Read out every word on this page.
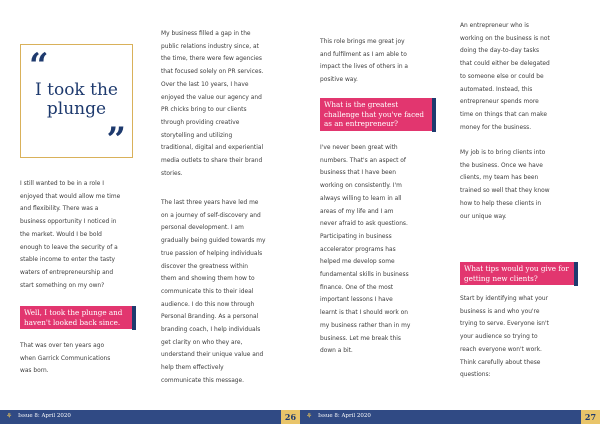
“
I took the
plunge
”

I still wanted to be in a role I

enjoyed that would allow me time

and flexibility. There was a

business opportunity I noticed in

the market. Would I be bold

enough to leave the security of a

stable income to enter the tasty

waters of entrepreneurship and

start something on my own?

Well, I took the plunge and

haven't looked back since.

That was over ten years ago

when Garrick Communications

was born.

My business filled a gap in the

public relations industry since, at

the time, there were few agencies

that focused solely on PR services.

Over the last 10 years, I have

enjoyed the value our agency and

PR chicks bring to our clients

through providing creative

storytelling and utilizing

traditional, digital and experiential

media outlets to share their brand

stories.

The last three years have led me

on a journey of self-discovery and

personal development. I am

gradually being guided towards my

true passion of helping individuals

discover the greatness within

them and showing them how to

communicate this to their ideal

audience. I do this now through

Personal Branding. As a personal

branding coach, I help individuals

get clarity on who they are,

understand their unique value and

help them effectively

communicate this message.

This role brings me great joy

and fulfilment as I am able to

impact the lives of others in a

positive way.

What is the greatest

challenge that you've faced

as an entrepreneur?

I've never been great with

numbers. That's an aspect of

business that I have been

working on consistently. I'm

always willing to learn in all

areas of my life and I am

never afraid to ask questions.

Participating in business

accelerator programs has

helped me develop some

fundamental skills in business

finance. One of the most

important lessons I have

learnt is that I should work on

my business rather than in my

business. Let me break this

down a bit.

An entrepreneur who is

working on the business is not

doing the day-to-day tasks

that could either be delegated

to someone else or could be

automated. Instead, this

entrepreneur spends more

time on things that can make

money for the business.

My job is to bring clients into

the business. Once we have

clients, my team has been

trained so well that they know

how to help these clients in

our unique way.

What tips would you give for

getting new clients?

Start by identifying what your

business is and who you're

trying to serve. Everyone isn't

your audience so trying to

reach everyone won't work.

Think carefully about these

questions:

⚘ Issue 8: April 2020	26	⚘ Issue 8: April 2020	27
